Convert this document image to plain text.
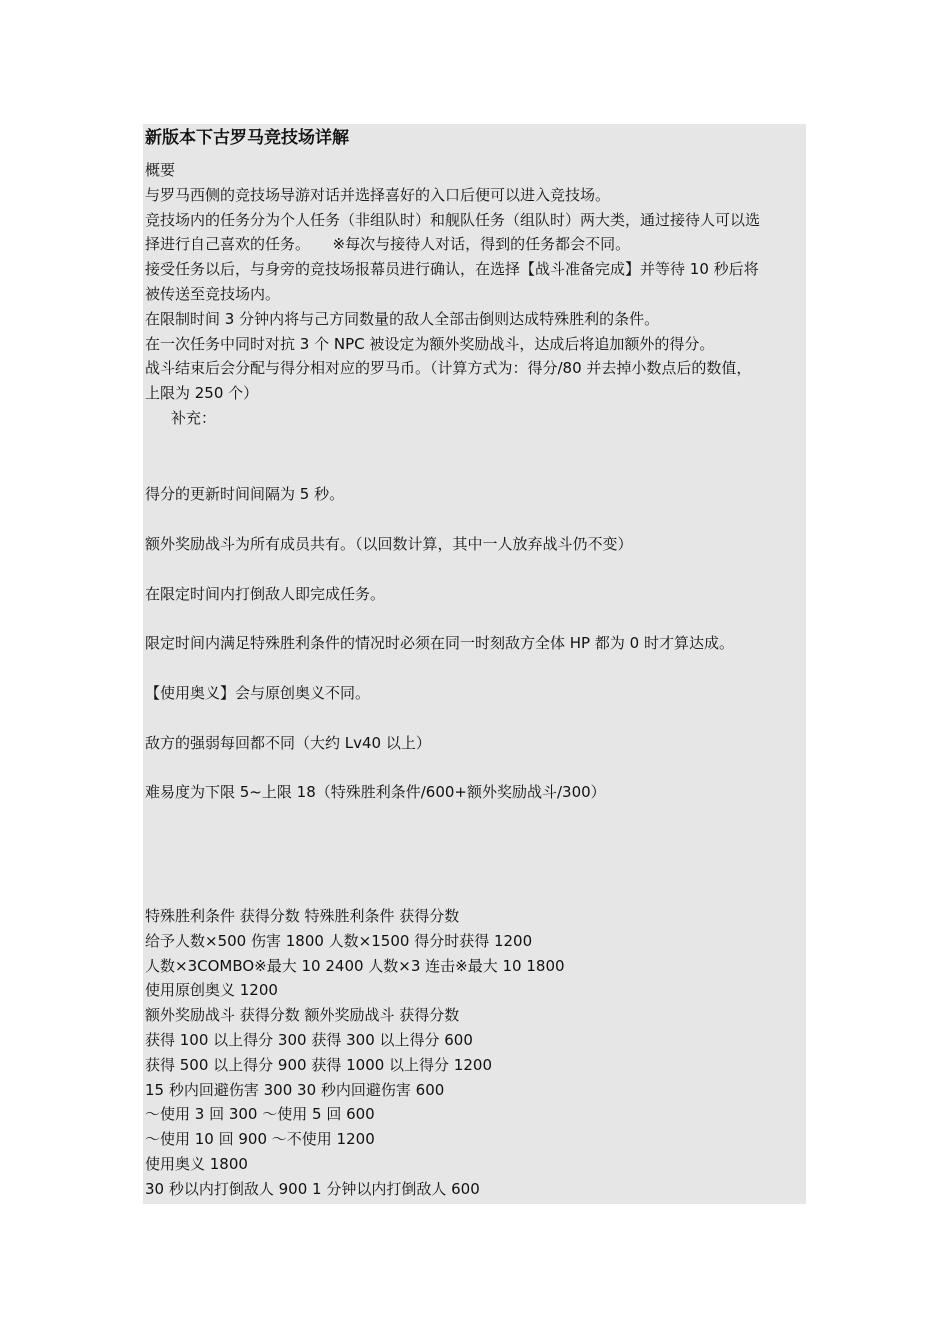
新版本下古罗马竞技场详解
概要
与罗马西侧的竞技场导游对话并选择喜好的入口后便可以进入竞技场。
竞技场内的任务分为个人任务（非组队时）和舰队任务（组队时）两大类，通过接待人可以选
择进行自己喜欢的任务。　　※每次与接待人对话，得到的任务都会不同。
接受任务以后，与身旁的竞技场报幕员进行确认，在选择【战斗准备完成】并等待 10 秒后将
被传送至竞技场内。
在限制时间 3 分钟内将与己方同数量的敌人全部击倒则达成特殊胜利的条件。
在一次任务中同时对抗 3 个 NPC 被设定为额外奖励战斗，达成后将追加额外的得分。
战斗结束后会分配与得分相对应的罗马币。（计算方式为：得分/80 并去掉小数点后的数值，
上限为 250 个）
补充：
得分的更新时间间隔为 5 秒。
额外奖励战斗为所有成员共有。（以回数计算，其中一人放弃战斗仍不变）
在限定时间内打倒敌人即完成任务。
限定时间内满足特殊胜利条件的情况时必须在同一时刻敌方全体 HP 都为 0 时才算达成。
【使用奥义】会与原创奥义不同。
敌方的强弱每回都不同（大约 Lv40 以上）
难易度为下限 5~上限 18（特殊胜利条件/600+额外奖励战斗/300）
特殊胜利条件 获得分数 特殊胜利条件 获得分数
给予人数×500 伤害 1800 人数×1500 得分时获得 1200
人数×3COMBO※最大 10 2400 人数×3 连击※最大 10 1800
使用原创奥义 1200
额外奖励战斗 获得分数 额外奖励战斗 获得分数
获得 100 以上得分 300 获得 300 以上得分 600
获得 500 以上得分 900 获得 1000 以上得分 1200
15 秒内回避伤害 300 30 秒内回避伤害 600
～使用 3 回 300 ～使用 5 回 600
～使用 10 回 900 ～不使用 1200
使用奥义 1800
30 秒以内打倒敌人 900 1 分钟以内打倒敌人 600
